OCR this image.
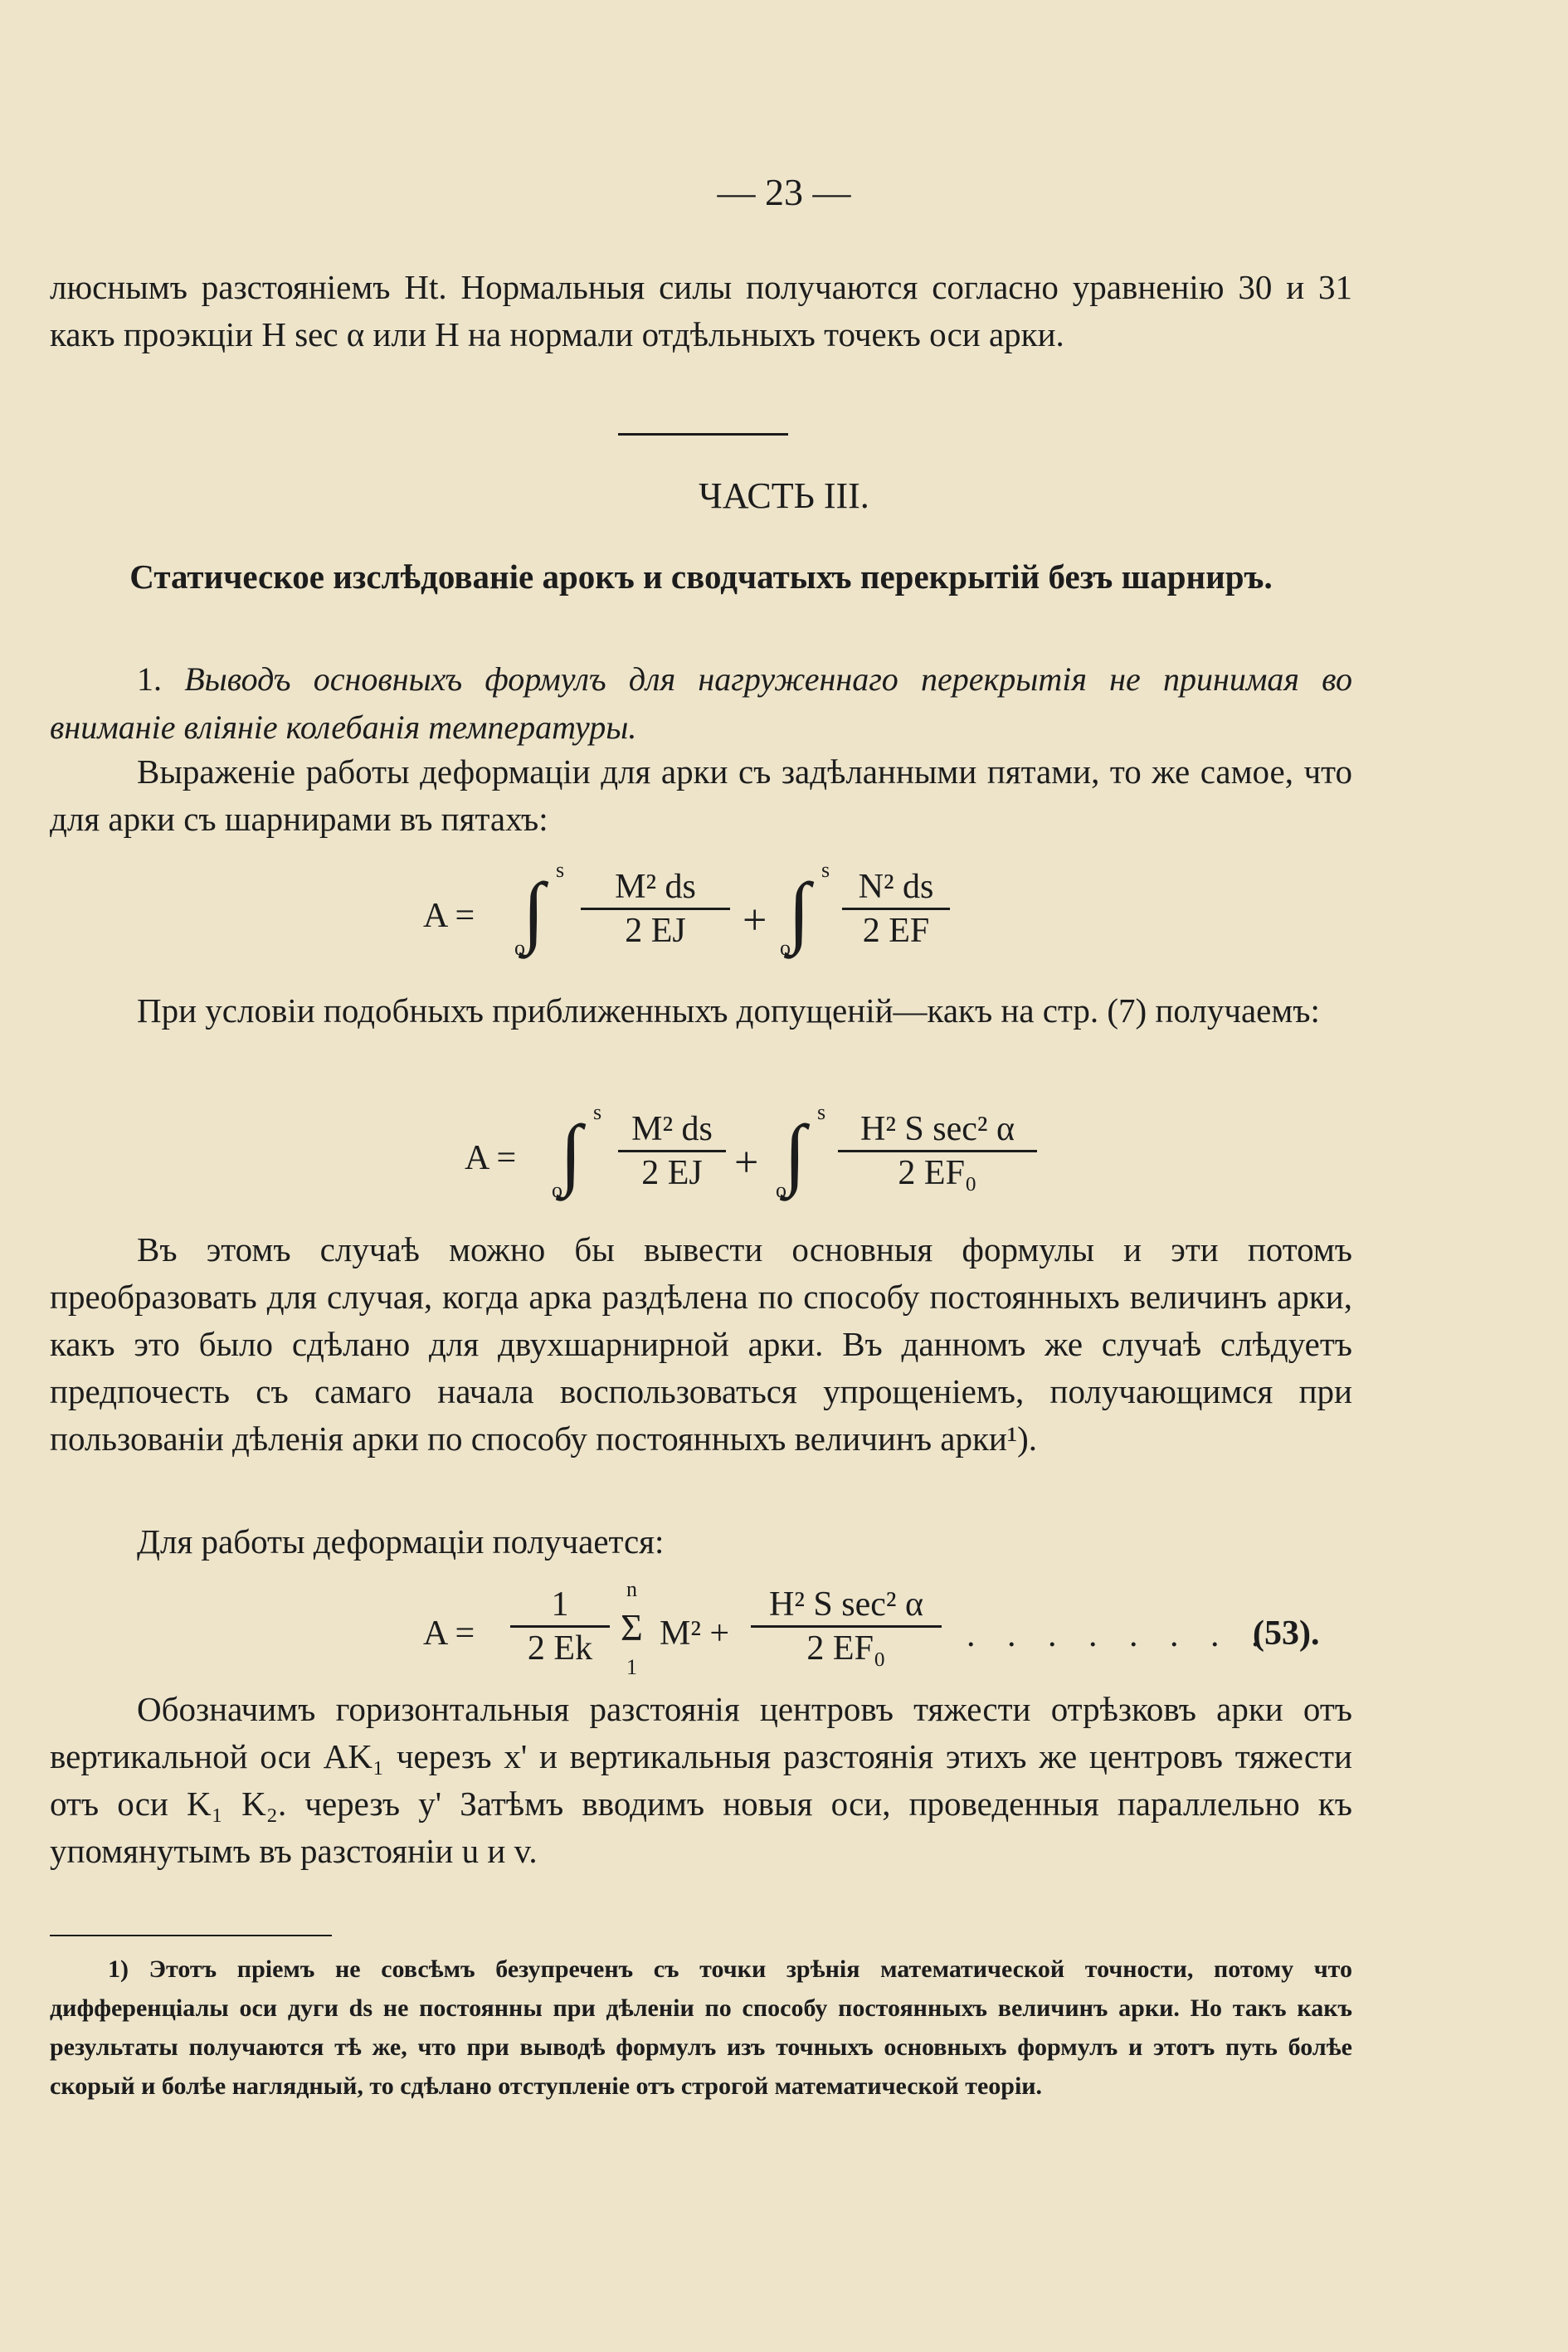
— 23 —

люснымъ разстоянiемъ Ht. Нормальныя силы получаются согласно уравненiю 30 и 31 какъ проэкцiи H sec α или H на нормали отдѣльныхъ точекъ оси арки.

ЧАСТЬ III.
Статическое изслѣдованiе арокъ и сводчатыхъ перекрытiй безъ шарниръ.
1. Выводъ основныхъ формулъ для нагруженнаго перекрытiя не принимая во вниманiе влiянiе колебанiя температуры.

Выраженiе работы деформацiи для арки съ задѣланными пятами, то же самое, что для арки съ шарнирами въ пятахъ:

A = ∫ s
o $\frac{\text{M² ds}}{2 EJ}$ + ∫ s
o $\frac{\text{N² ds}}{2 EF}$

При условiи подобныхъ приближенныхъ допущенiй—какъ на стр. (7) получаемъ:

A = ∫ s
o $\frac{\text{M² ds}}{2 EJ}$ + ∫ s
o
H² S sec² α
2 EF₀

Въ этомъ случаѣ можно бы вывести основныя формулы и эти потомъ преобразовать для случая, когда арка раздѣлена по способу постоянныхъ величинъ арки, какъ это было сдѣлано для двухшарнирной арки. Въ данномъ же случаѣ слѣдуетъ предпочесть съ самаго начала воспользоваться упрощенiемъ, получающимся при пользованiи дѣленiя арки по способу постоянныхъ величинъ арки¹).

Для работы деформацiи получается:

$A = \frac{1}{2 Ek}$ n
Σ
1
M² +
H² S sec² α
2 EF₀	. . . . . . . .
(53).

Обозначимъ горизонтальныя разстоянiя центровъ тяжести отрѣзковъ арки отъ вертикальной оси AK₁ черезъ x' и вертикальныя разстоянiя этихъ же центровъ тяжести отъ оси K₁ K₂. черезъ y' Затѣмъ вводимъ новыя оси, проведенныя параллельно къ упомянутымъ въ разстоянiи u и v.

1) Этотъ прiемъ не совсѣмъ безупреченъ съ точки зрѣнiя математической точности, потому что дифференцiалы оси дуги ds не постоянны при дѣленiи по способу постоянныхъ величинъ арки. Но такъ какъ результаты получаются тѣ же, что при выводѣ формулъ изъ точныхъ основныхъ формулъ и этотъ путь болѣе скорый и болѣе наглядный, то сдѣлано отступленiе отъ строгой математической теорiи.
